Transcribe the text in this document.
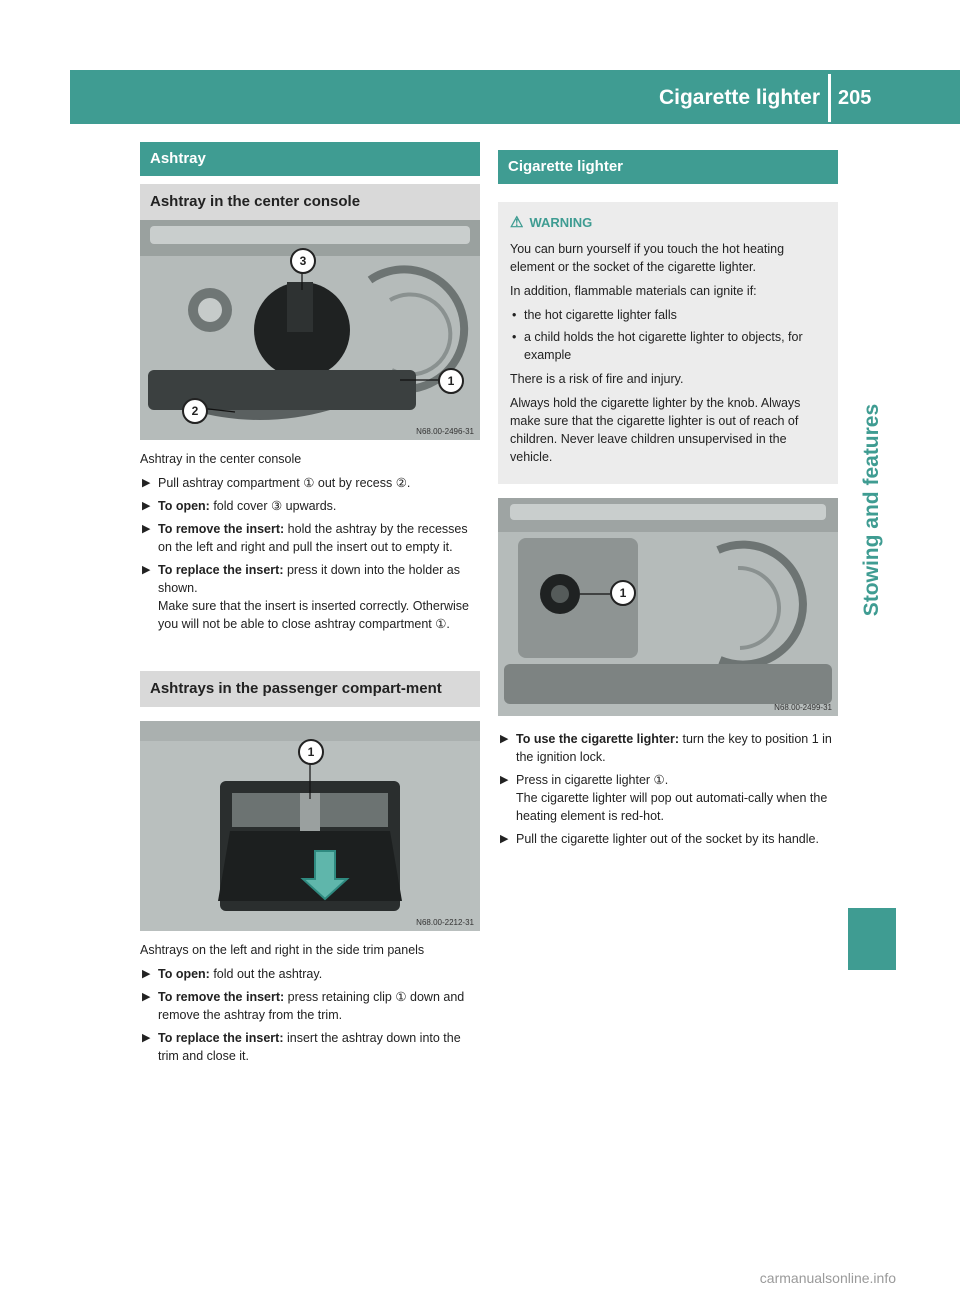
Cigarette lighter 205
Stowing and features
Ashtray
Ashtray in the center console
3
1
2
N68.00-2496-31
Ashtray in the center console
▶ Pull ashtray compartment ① out by recess ②.
▶ To open: fold cover ③ upwards.
▶ To remove the insert: hold the ashtray by the recesses on the left and right and pull the insert out to empty it.
▶ To replace the insert: press it down into the holder as shown.
Make sure that the insert is inserted correctly. Otherwise you will not be able to close ashtray compartment ①.
Ashtrays in the passenger compart-ment
1
N68.00-2212-31
Ashtrays on the left and right in the side trim panels
▶ To open: fold out the ashtray.
▶ To remove the insert: press retaining clip ① down and remove the ashtray from the trim.
▶ To replace the insert: insert the ashtray down into the trim and close it.
Cigarette lighter
⚠ WARNING
You can burn yourself if you touch the hot heating element or the socket of the cigarette lighter.
In addition, flammable materials can ignite if:
• the hot cigarette lighter falls
• a child holds the hot cigarette lighter to objects, for example
There is a risk of fire and injury.
Always hold the cigarette lighter by the knob. Always make sure that the cigarette lighter is out of reach of children. Never leave children unsupervised in the vehicle.
1
N68.00-2499-31
▶ To use the cigarette lighter: turn the key to position 1 in the ignition lock.
▶ Press in cigarette lighter ①.
The cigarette lighter will pop out automati-cally when the heating element is red-hot.
▶ Pull the cigarette lighter out of the socket by its handle.
carmanualsonline.info
